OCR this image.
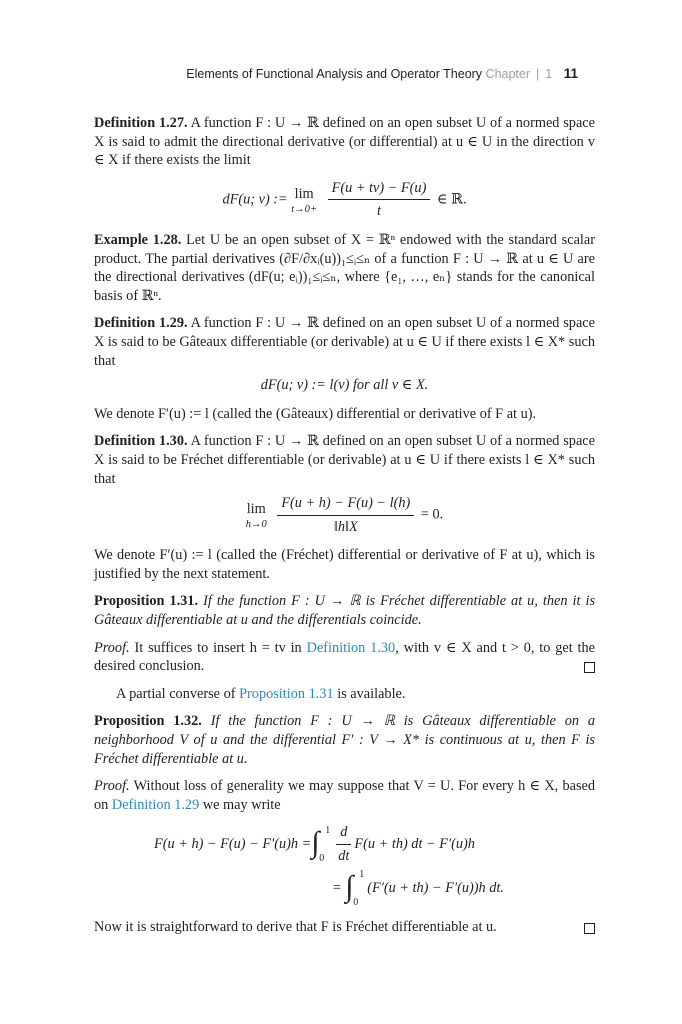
Elements of Functional Analysis and Operator Theory Chapter | 1 11

Definition 1.27. A function F : U → ℝ defined on an open subset U of a normed space X is said to admit the directional derivative (or differential) at u ∈ U in the direction v ∈ X if there exists the limit

dF(u; v) := lim
t→0+
$\frac{F(u + tv) - F(u)}{t}$ ∈ ℝ.

Example 1.28. Let U be an open subset of X = ℝⁿ endowed with the standard scalar product. The partial derivatives (∂F/∂xᵢ(u))₁≤ᵢ≤ₙ of a function F : U → ℝ at u ∈ U are the directional derivatives (dF(u; eᵢ))₁≤ᵢ≤ₙ, where {e₁, …, eₙ} stands for the canonical basis of ℝⁿ.

Definition 1.29. A function F : U → ℝ defined on an open subset U of a normed space X is said to be Gâteaux differentiable (or derivable) at u ∈ U if there exists l ∈ X* such that

dF(u; v) := l(v) for all v ∈ X.

We denote F′(u) := l (called the (Gâteaux) differential or derivative of F at u).

Definition 1.30. A function F : U → ℝ defined on an open subset U of a normed space X is said to be Fréchet differentiable (or derivable) at u ∈ U if there exists l ∈ X* such that

lim
h→0
$\frac{F(u + h) - F(u) - l(h)}{‖h‖X} = 0$.

We denote F′(u) := l (called the (Fréchet) differential or derivative of F at u), which is justified by the next statement.

Proposition 1.31. If the function F : U → ℝ is Fréchet differentiable at u, then it is Gâteaux differentiable at u and the differentials coincide.

Proof. It suffices to insert h = tv in Definition 1.30, with v ∈ X and t > 0, to get the desired conclusion.

A partial converse of Proposition 1.31 is available.

Proposition 1.32. If the function F : U → ℝ is Gâteaux differentiable on a neighborhood V of u and the differential F′ : V → X* is continuous at u, then F is Fréchet differentiable at u.

Proof. Without loss of generality we may suppose that V = U. For every h ∈ X, based on Definition 1.29 we may write

F(u + h) − F(u) − F′(u)h = ∫ 1
$0 \frac{d}{dt} F(u + th)$ dt − F′(u)h
=
∫ 1
0
(F′(u + th) − F′(u))h dt.

Now it is straightforward to derive that F is Fréchet differentiable at u.
